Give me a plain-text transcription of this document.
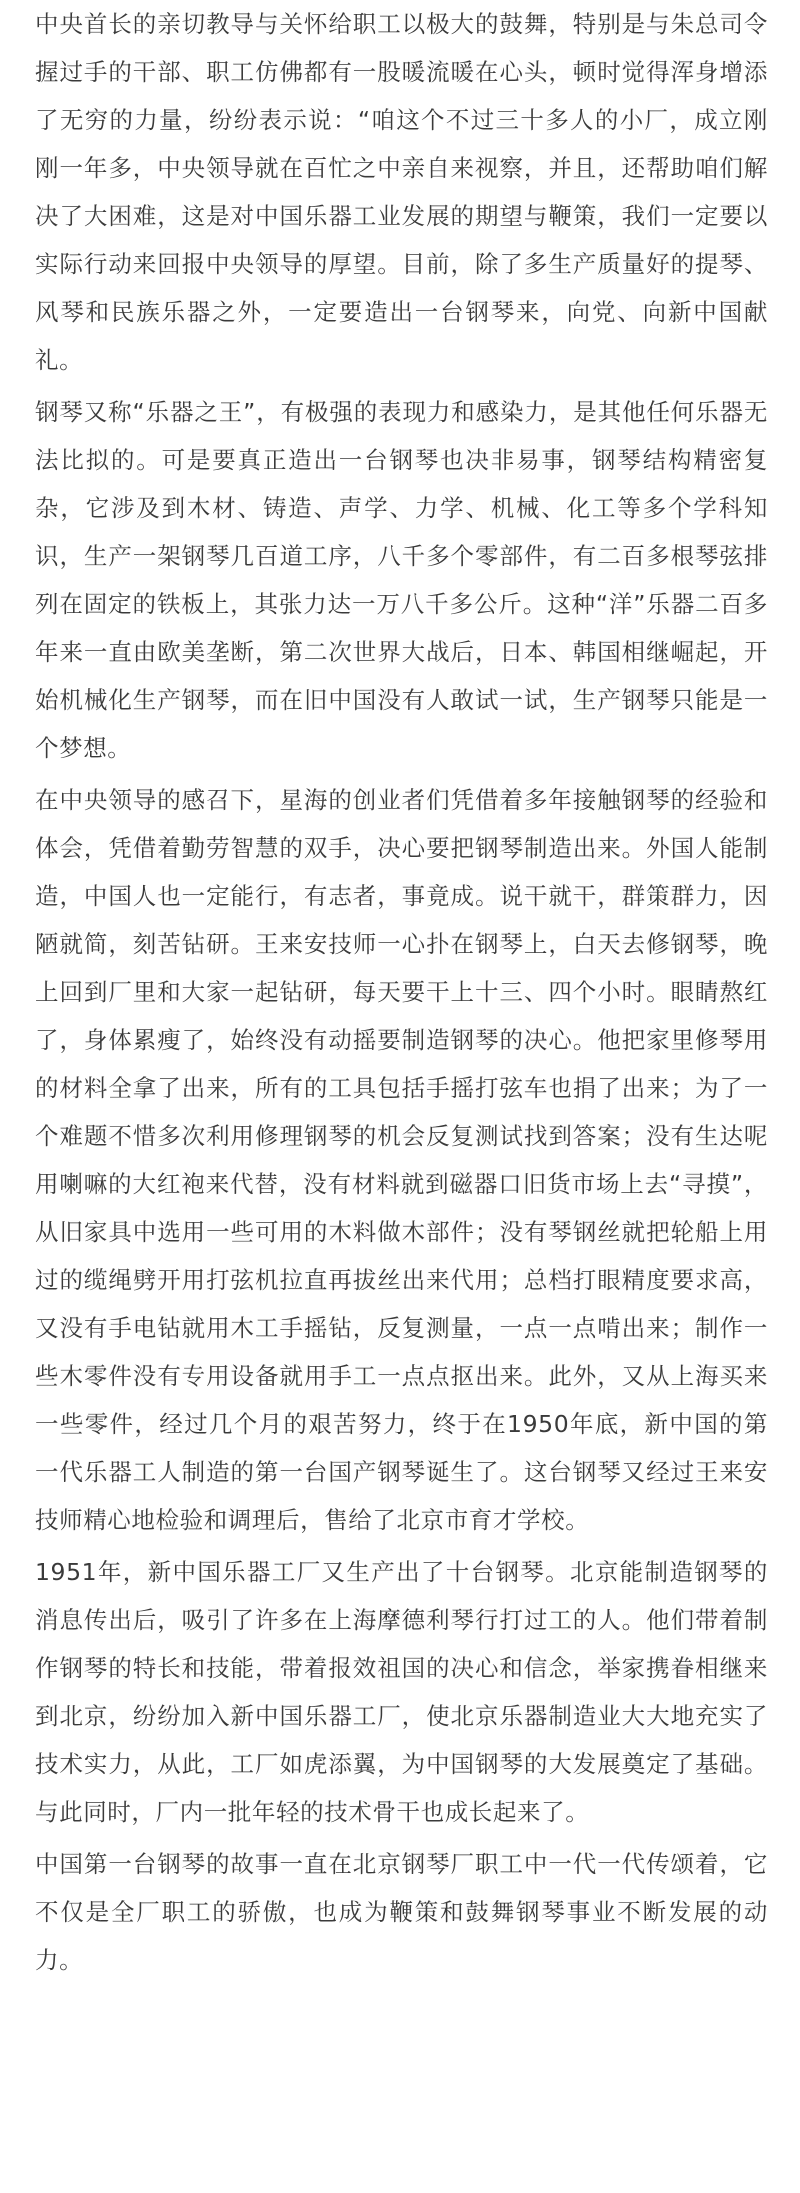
中央首长的亲切教导与关怀给职工以极大的鼓舞，特别是与朱总司令握过手的干部、职工仿佛都有一股暖流暖在心头，顿时觉得浑身增添了无穷的力量，纷纷表示说：“咱这个不过三十多人的小厂，成立刚刚一年多，中央领导就在百忙之中亲自来视察，并且，还帮助咱们解决了大困难，这是对中国乐器工业发展的期望与鞭策，我们一定要以实际行动来回报中央领导的厚望。目前，除了多生产质量好的提琴、风琴和民族乐器之外，一定要造出一台钢琴来，向党、向新中国献礼。

钢琴又称“乐器之王”，有极强的表现力和感染力，是其他任何乐器无法比拟的。可是要真正造出一台钢琴也决非易事，钢琴结构精密复杂，它涉及到木材、铸造、声学、力学、机械、化工等多个学科知识，生产一架钢琴几百道工序，八千多个零部件，有二百多根琴弦排列在固定的铁板上，其张力达一万八千多公斤。这种“洋”乐器二百多年来一直由欧美垄断，第二次世界大战后，日本、韩国相继崛起，开始机械化生产钢琴，而在旧中国没有人敢试一试，生产钢琴只能是一个梦想。

在中央领导的感召下，星海的创业者们凭借着多年接触钢琴的经验和体会，凭借着勤劳智慧的双手，决心要把钢琴制造出来。外国人能制造，中国人也一定能行，有志者，事竟成。说干就干，群策群力，因陋就简，刻苦钻研。王来安技师一心扑在钢琴上，白天去修钢琴，晚上回到厂里和大家一起钻研，每天要干上十三、四个小时。眼睛熬红了，身体累瘦了，始终没有动摇要制造钢琴的决心。他把家里修琴用的材料全拿了出来，所有的工具包括手摇打弦车也捐了出来；为了一个难题不惜多次利用修理钢琴的机会反复测试找到答案；没有生达呢用喇嘛的大红袍来代替，没有材料就到磁器口旧货市场上去“寻摸”，从旧家具中选用一些可用的木料做木部件；没有琴钢丝就把轮船上用过的缆绳劈开用打弦机拉直再拔丝出来代用；总档打眼精度要求高，又没有手电钻就用木工手摇钻，反复测量，一点一点啃出来；制作一些木零件没有专用设备就用手工一点点抠出来。此外，又从上海买来一些零件，经过几个月的艰苦努力，终于在1950年底，新中国的第一代乐器工人制造的第一台国产钢琴诞生了。这台钢琴又经过王来安技师精心地检验和调理后，售给了北京市育才学校。

1951年，新中国乐器工厂又生产出了十台钢琴。北京能制造钢琴的消息传出后，吸引了许多在上海摩德利琴行打过工的人。他们带着制作钢琴的特长和技能，带着报效祖国的决心和信念，举家携眷相继来到北京，纷纷加入新中国乐器工厂，使北京乐器制造业大大地充实了技术实力，从此，工厂如虎添翼，为中国钢琴的大发展奠定了基础。与此同时，厂内一批年轻的技术骨干也成长起来了。

中国第一台钢琴的故事一直在北京钢琴厂职工中一代一代传颂着，它不仅是全厂职工的骄傲，也成为鞭策和鼓舞钢琴事业不断发展的动力。
